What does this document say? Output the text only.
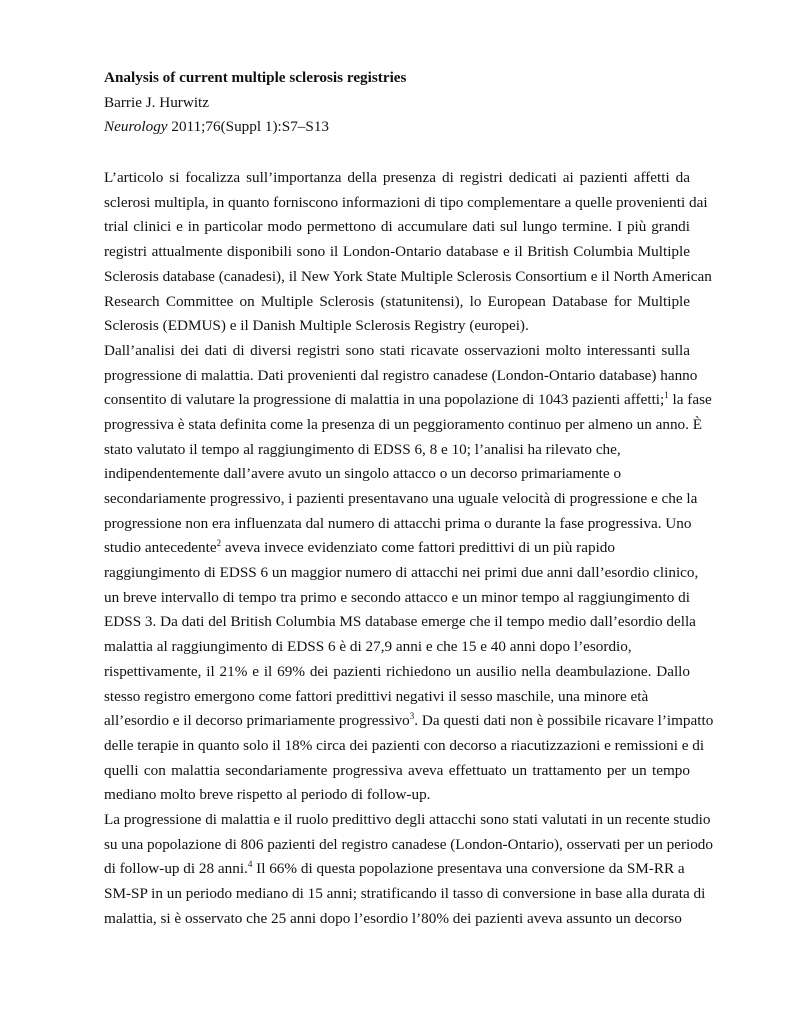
Analysis of current multiple sclerosis registries
Barrie J. Hurwitz
Neurology 2011;76(Suppl 1):S7–S13
L’articolo si focalizza sull’importanza della presenza di registri dedicati ai pazienti affetti da
sclerosi multipla, in quanto forniscono informazioni di tipo complementare a quelle provenienti dai
trial clinici e in particolar modo permettono di accumulare dati sul lungo termine. I più grandi
registri attualmente disponibili sono il London-Ontario database e il British Columbia Multiple
Sclerosis database (canadesi), il New York State Multiple Sclerosis Consortium e il North American
Research Committee on Multiple Sclerosis (statunitensi), lo European Database for Multiple
Sclerosis (EDMUS) e il Danish Multiple Sclerosis Registry (europei).
Dall’analisi dei dati di diversi registri sono stati ricavate osservazioni molto interessanti sulla
progressione di malattia. Dati provenienti dal registro canadese (London-Ontario database) hanno
consentito di valutare la progressione di malattia in una popolazione di 1043 pazienti affetti;$^1$ la fase
progressiva è stata definita come la presenza di un peggioramento continuo per almeno un anno. È
stato valutato il tempo al raggiungimento di EDSS 6, 8 e 10; l’analisi ha rilevato che,
indipendentemente dall’avere avuto un singolo attacco o un decorso primariamente o
secondariamente progressivo, i pazienti presentavano una uguale velocità di progressione e che la
progressione non era influenzata dal numero di attacchi prima o durante la fase progressiva. Uno
studio antecedente$^2$ aveva invece evidenziato come fattori predittivi di un più rapido
raggiungimento di EDSS 6 un maggior numero di attacchi nei primi due anni dall’esordio clinico,
un breve intervallo di tempo tra primo e secondo attacco e un minor tempo al raggiungimento di
EDSS 3. Da dati del British Columbia MS database emerge che il tempo medio dall’esordio della
malattia al raggiungimento di EDSS 6 è di 27,9 anni e che 15 e 40 anni dopo l’esordio,
rispettivamente, il 21% e il 69% dei pazienti richiedono un ausilio nella deambulazione. Dallo
stesso registro emergono come fattori predittivi negativi il sesso maschile, una minore età
all’esordio e il decorso primariamente progressivo$^3$. Da questi dati non è possibile ricavare l’impatto
delle terapie in quanto solo il 18% circa dei pazienti con decorso a riacutizzazioni e remissioni e di
quelli con malattia secondariamente progressiva aveva effettuato un trattamento per un tempo
mediano molto breve rispetto al periodo di follow-up.
La progressione di malattia e il ruolo predittivo degli attacchi sono stati valutati in un recente studio
su una popolazione di 806 pazienti del registro canadese (London-Ontario), osservati per un periodo
di follow-up di 28 anni.$^4$ Il 66% di questa popolazione presentava una conversione da SM-RR a
SM-SP in un periodo mediano di 15 anni; stratificando il tasso di conversione in base alla durata di
malattia, si è osservato che 25 anni dopo l’esordio l’80% dei pazienti aveva assunto un decorso
